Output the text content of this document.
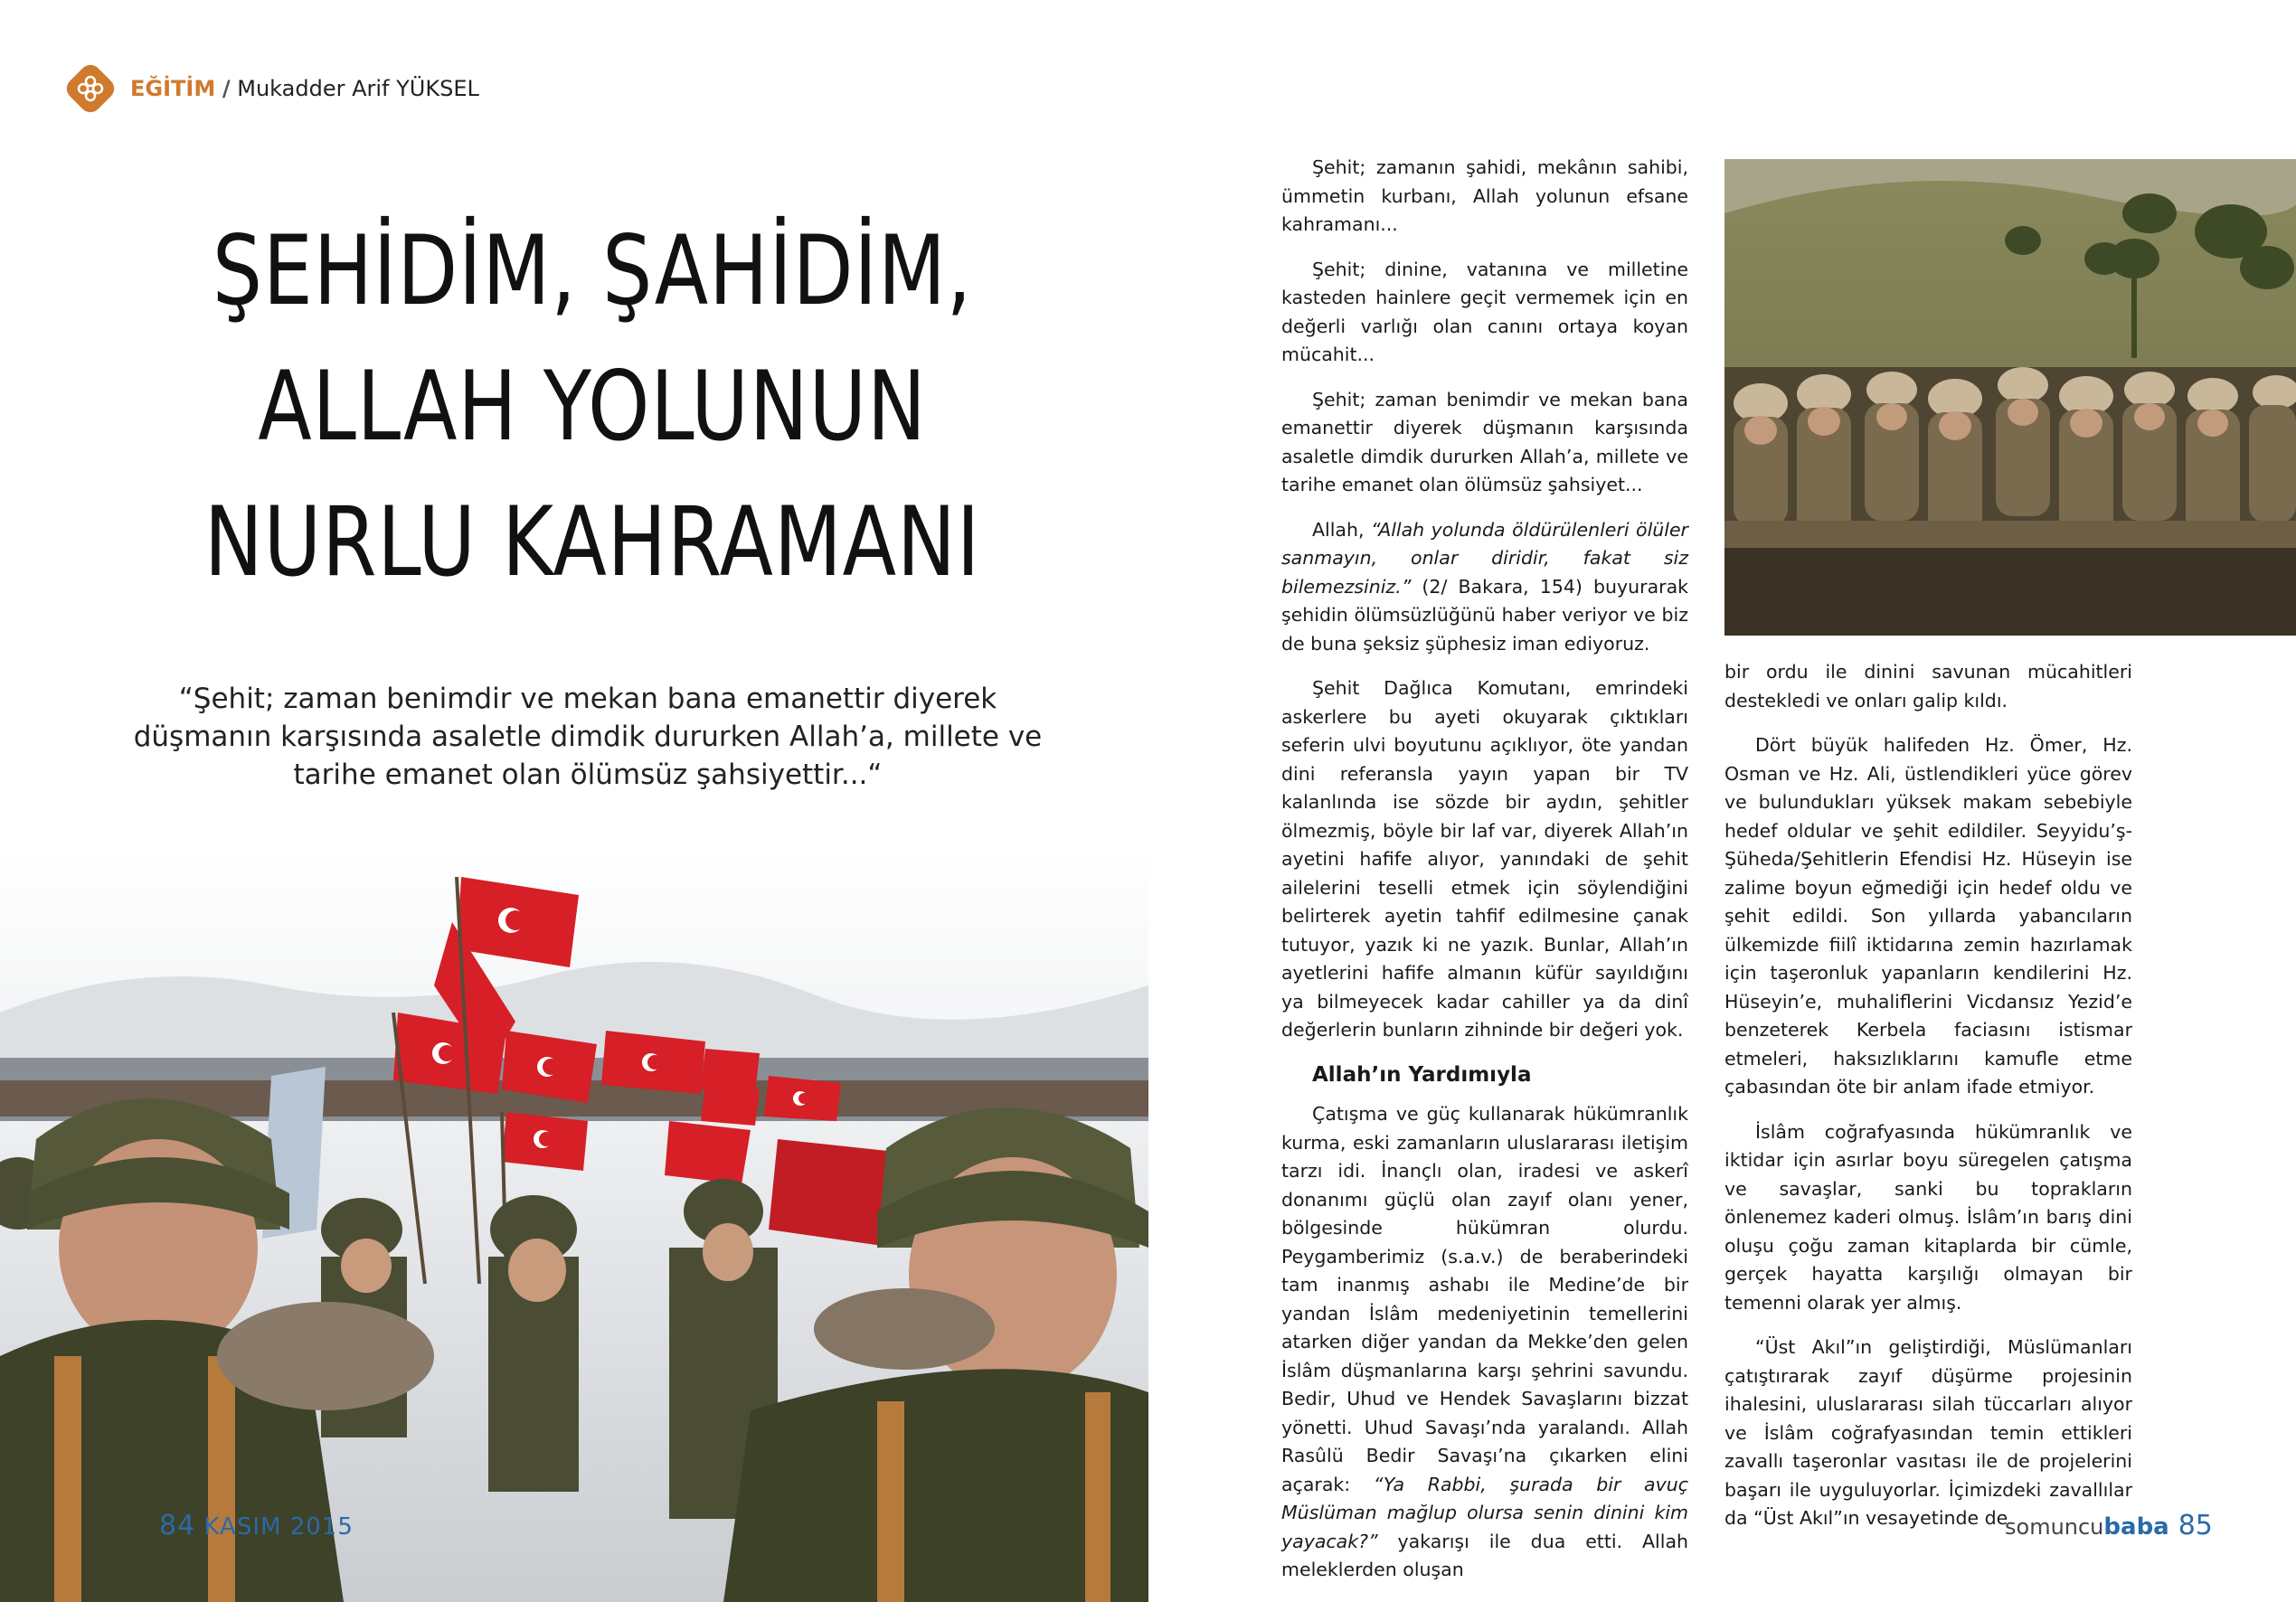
EĞİTİM / Mukadder Arif YÜKSEL
ŞEHİDİM, ŞAHİDİM,
ALLAH YOLUNUN
NURLU KAHRAMANI
“Şehit; zaman benimdir ve mekan bana emanettir diyerek düşmanın karşısında asaletle dimdik dururken Allah’a, millete ve tarihe emanet olan ölümsüz şahsiyettir...“
84 KASIM 2015

Şehit; zamanın şahidi, mekânın sahibi, ümmetin kurbanı, Allah yolunun efsane kahramanı...

Şehit; dinine, vatanına ve milletine kasteden hainlere geçit vermemek için en değerli varlığı olan canını ortaya koyan mücahit...

Şehit; zaman benimdir ve mekan bana emanettir diyerek düşmanın karşısında asaletle dimdik dururken Allah’a, millete ve tarihe emanet olan ölümsüz şahsiyet...

Allah, “Allah yolunda öldürülenleri ölüler sanmayın, onlar diridir, fakat siz bilemezsiniz.” (2/ Bakara, 154) buyurarak şehidin ölümsüzlüğünü haber veriyor ve biz de buna şeksiz şüphesiz iman ediyoruz.

Şehit Dağlıca Komutanı, emrindeki askerlere bu ayeti okuyarak çıktıkları seferin ulvi boyutunu açıklıyor, öte yandan dini referansla yayın yapan bir TV kalanlında ise sözde bir aydın, şehitler ölmezmiş, böyle bir laf var, diyerek Allah’ın ayetini hafife alıyor, yanındaki de şehit ailelerini teselli etmek için söylendiğini belirterek ayetin tahfif edilmesine çanak tutuyor, yazık ki ne yazık. Bunlar, Allah’ın ayetlerini hafife almanın küfür sayıldığını ya bilmeyecek kadar cahiller ya da dinî değerlerin bunların zihninde bir değeri yok.

Allah’ın Yardımıyla

Çatışma ve güç kullanarak hükümranlık kurma, eski zamanların uluslararası iletişim tarzı idi. İnançlı olan, iradesi ve askerî donanımı güçlü olan zayıf olanı yener, bölgesinde hükümran olurdu. Peygamberimiz (s.a.v.) de beraberindeki tam inanmış ashabı ile Medine’de bir yandan İslâm medeniyetinin temellerini atarken diğer yandan da Mekke’den gelen İslâm düşmanlarına karşı şehrini savundu. Bedir, Uhud ve Hendek Savaşlarını bizzat yönetti. Uhud Savaşı’nda yaralandı. Allah Rasûlü Bedir Savaşı’na çıkarken elini açarak: “Ya Rabbi, şurada bir avuç Müslüman mağlup olursa senin dinini kim yayacak?” yakarışı ile dua etti. Allah meleklerden oluşan

bir ordu ile dinini savunan mücahitleri destekledi ve onları galip kıldı.

Dört büyük halifeden Hz. Ömer, Hz. Osman ve Hz. Ali, üstlendikleri yüce görev ve bulundukları yüksek makam sebebiyle hedef oldular ve şehit edildiler. Seyyidu’ş-Şüheda/Şehitlerin Efendisi Hz. Hüseyin ise zalime boyun eğmediği için hedef oldu ve şehit edildi. Son yıllarda yabancıların ülkemizde fiilî iktidarına zemin hazırlamak için taşeronluk yapanların kendilerini Hz. Hüseyin’e, muhaliflerini Vicdansız Yezid’e benzeterek Kerbela faciasını istismar etmeleri, haksızlıklarını kamufle etme çabasından öte bir anlam ifade etmiyor.

İslâm coğrafyasında hükümranlık ve iktidar için asırlar boyu süregelen çatışma ve savaşlar, sanki bu toprakların önlenemez kaderi olmuş. İslâm’ın barış dini oluşu çoğu zaman kitaplarda bir cümle, gerçek hayatta karşılığı olmayan bir temenni olarak yer almış.

“Üst Akıl”ın geliştirdiği, Müslümanları çatıştırarak zayıf düşürme projesinin ihalesini, uluslararası silah tüccarları alıyor ve İslâm coğrafyasından temin ettikleri zavallı taşeronlar vasıtası ile de projelerini başarı ile uyguluyorlar. İçimizdeki zavallılar da “Üst Akıl”ın vesayetinde de

somuncubaba 85
